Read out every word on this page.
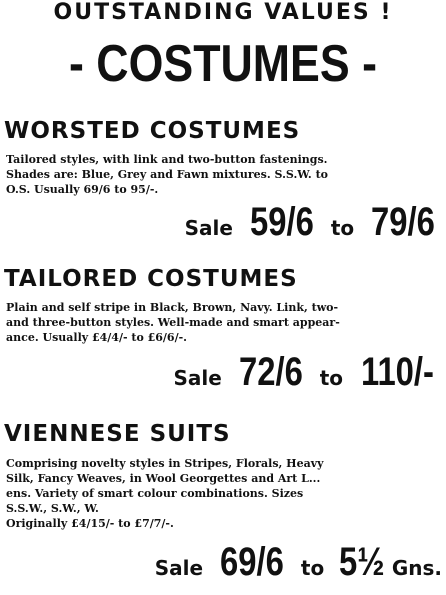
OUTSTANDING VALUES !
- COSTUMES -
WORSTED COSTUMES
Tailored styles, with link and two-button fastenings.
Shades are: Blue, Grey and Fawn mixtures. S.S.W. to
O.S. Usually 69/6 to 95/-.
Sale 59/6 to 79/6
TAILORED COSTUMES
Plain and self stripe in Black, Brown, Navy. Link, two-
and three-button styles. Well-made and smart appear-
ance. Usually £4/4/- to £6/6/-.
Sale 72/6 to 110/-
VIENNESE SUITS
Comprising novelty styles in Stripes, Florals, Heavy
Silk, Fancy Weaves, in Wool Georgettes and Art L...
ens. Variety of smart colour combinations. Sizes
S.S.W., S.W., W.
Originally £4/15/- to £7/7/-.
Sale 69/6 to 5½ Gns.
